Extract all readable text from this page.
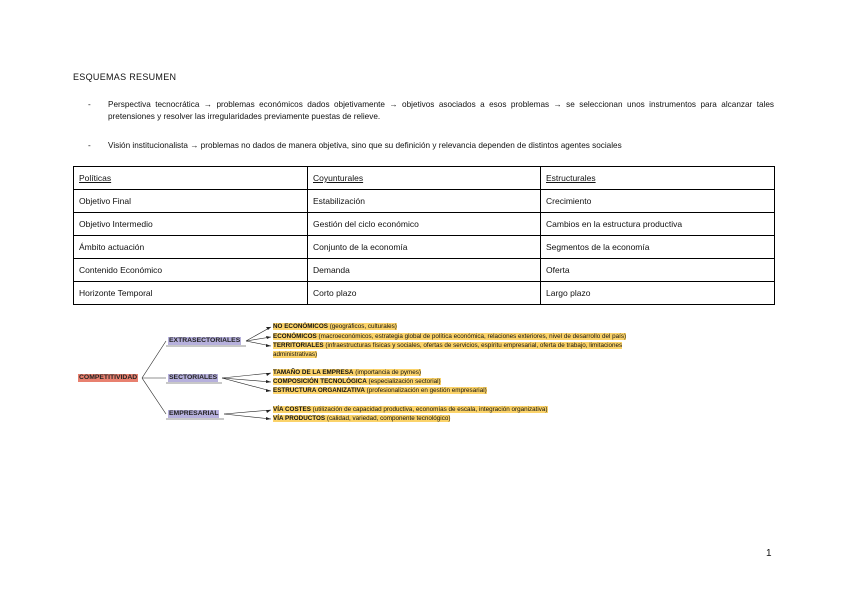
ESQUEMAS RESUMEN
- Perspectiva tecnocrática → problemas económicos dados objetivamente → objetivos asociados a esos problemas → se seleccionan unos instrumentos para alcanzar tales pretensiones y resolver las irregularidades previamente puestas de relieve.
- Visión institucionalista → problemas no dados de manera objetiva, sino que su definición y relevancia dependen de distintos agentes sociales
Políticas	Coyunturales	Estructurales
Objetivo Final	Estabilización	Crecimiento
Objetivo Intermedio	Gestión del ciclo económico	Cambios en la estructura productiva
Ámbito actuación	Conjunto de la economía	Segmentos de la economía
Contenido Económico	Demanda	Oferta
Horizonte Temporal	Corto plazo	Largo plazo
COMPETITIVIDAD
EXTRASECTORIALES
SECTORIALES
EMPRESARIAL
NO ECONÓMICOS (geográficos, culturales)
ECONÓMICOS (macroeconómicos, estrategia global de política económica, relaciones exteriores, nivel de desarrollo del país)
TERRITORIALES (infraestructuras físicas y sociales, ofertas de servicios, espíritu empresarial, oferta de trabajo, limitaciones
administrativas)
TAMAÑO DE LA EMPRESA (importancia de pymes)
COMPOSICIÓN TECNOLÓGICA (especialización sectorial)
ESTRUCTURA ORGANIZATIVA (profesionalización en gestión empresarial)
VÍA COSTES (utilización de capacidad productiva, economías de escala, integración organizativa)
VÍA PRODUCTOS (calidad, variedad, componente tecnológico)
1
